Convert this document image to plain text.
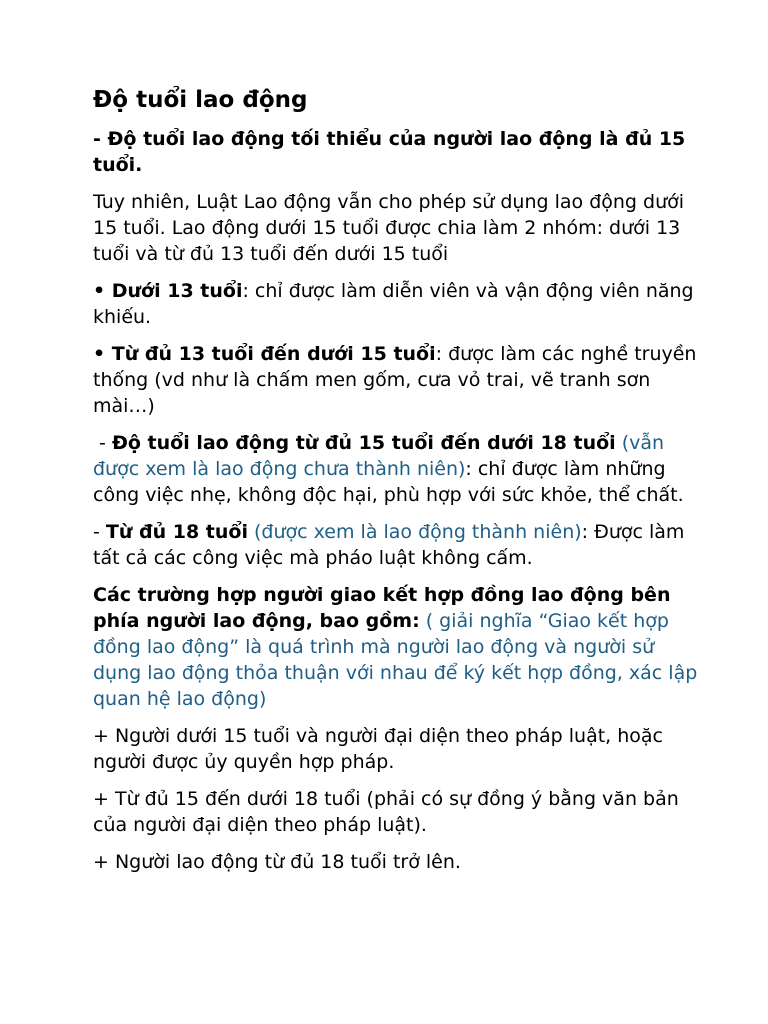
Độ tuổi lao động

- Độ tuổi lao động tối thiểu của người lao động là đủ 15 tuổi.

Tuy nhiên, Luật Lao động vẫn cho phép sử dụng lao động dưới 15 tuổi. Lao động dưới 15 tuổi được chia làm 2 nhóm: dưới 13 tuổi và từ đủ 13 tuổi đến dưới 15 tuổi

• Dưới 13 tuổi: chỉ được làm diễn viên và vận động viên năng khiếu.

• Từ đủ 13 tuổi đến dưới 15 tuổi: được làm các nghề truyền thống (vd như là chấm men gốm, cưa vỏ trai, vẽ tranh sơn mài…)

- Độ tuổi lao động từ đủ 15 tuổi đến dưới 18 tuổi (vẫn được xem là lao động chưa thành niên): chỉ được làm những công việc nhẹ, không độc hại, phù hợp với sức khỏe, thể chất.

- Từ đủ 18 tuổi (được xem là lao động thành niên): Được làm tất cả các công việc mà pháo luật không cấm.

Các trường hợp người giao kết hợp đồng lao động bên phía người lao động, bao gồm: ( giải nghĩa “Giao kết hợp đồng lao động” là quá trình mà người lao động và người sử dụng lao động thỏa thuận với nhau để ký kết hợp đồng, xác lập quan hệ lao động)

+ Người dưới 15 tuổi và người đại diện theo pháp luật, hoặc người được ủy quyền hợp pháp.

+ Từ đủ 15 đến dưới 18 tuổi (phải có sự đồng ý bằng văn bản của người đại diện theo pháp luật).

+ Người lao động từ đủ 18 tuổi trở lên.
